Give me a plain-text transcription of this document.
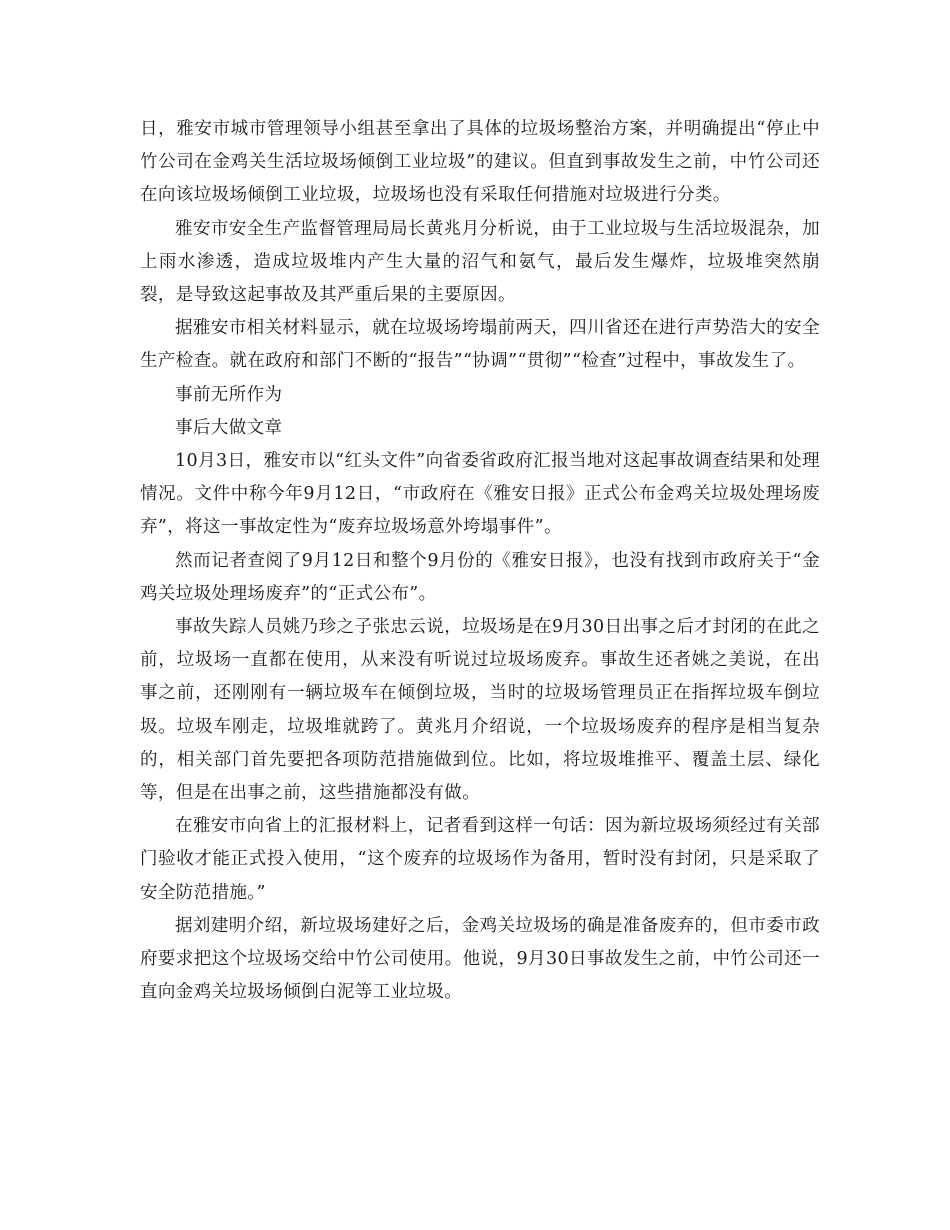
日，雅安市城市管理领导小组甚至拿出了具体的垃圾场整治方案，并明确提出“停止中竹公司在金鸡关生活垃圾场倾倒工业垃圾”的建议。但直到事故发生之前，中竹公司还在向该垃圾场倾倒工业垃圾，垃圾场也没有采取任何措施对垃圾进行分类。

雅安市安全生产监督管理局局长黄兆月分析说，由于工业垃圾与生活垃圾混杂，加上雨水渗透，造成垃圾堆内产生大量的沼气和氨气，最后发生爆炸，垃圾堆突然崩裂，是导致这起事故及其严重后果的主要原因。

据雅安市相关材料显示，就在垃圾场垮塌前两天，四川省还在进行声势浩大的安全生产检查。就在政府和部门不断的“报告”“协调”“贯彻”“检查”过程中，事故发生了。

事前无所作为

事后大做文章

10月3日，雅安市以“红头文件”向省委省政府汇报当地对这起事故调查结果和处理情况。文件中称今年9月12日，“市政府在《雅安日报》正式公布金鸡关垃圾处理场废弃”，将这一事故定性为“废弃垃圾场意外垮塌事件”。

然而记者查阅了9月12日和整个9月份的《雅安日报》，也没有找到市政府关于“金鸡关垃圾处理场废弃”的“正式公布”。

事故失踪人员姚乃珍之子张忠云说，垃圾场是在9月30日出事之后才封闭的在此之前，垃圾场一直都在使用，从来没有听说过垃圾场废弃。事故生还者姚之美说，在出事之前，还刚刚有一辆垃圾车在倾倒垃圾，当时的垃圾场管理员正在指挥垃圾车倒垃圾。垃圾车刚走，垃圾堆就跨了。黄兆月介绍说，一个垃圾场废弃的程序是相当复杂的，相关部门首先要把各项防范措施做到位。比如，将垃圾堆推平、覆盖土层、绿化等，但是在出事之前，这些措施都没有做。

在雅安市向省上的汇报材料上，记者看到这样一句话：因为新垃圾场须经过有关部门验收才能正式投入使用，“这个废弃的垃圾场作为备用，暂时没有封闭，只是采取了安全防范措施。”

据刘建明介绍，新垃圾场建好之后，金鸡关垃圾场的确是准备废弃的，但市委市政府要求把这个垃圾场交给中竹公司使用。他说，9月30日事故发生之前，中竹公司还一直向金鸡关垃圾场倾倒白泥等工业垃圾。
